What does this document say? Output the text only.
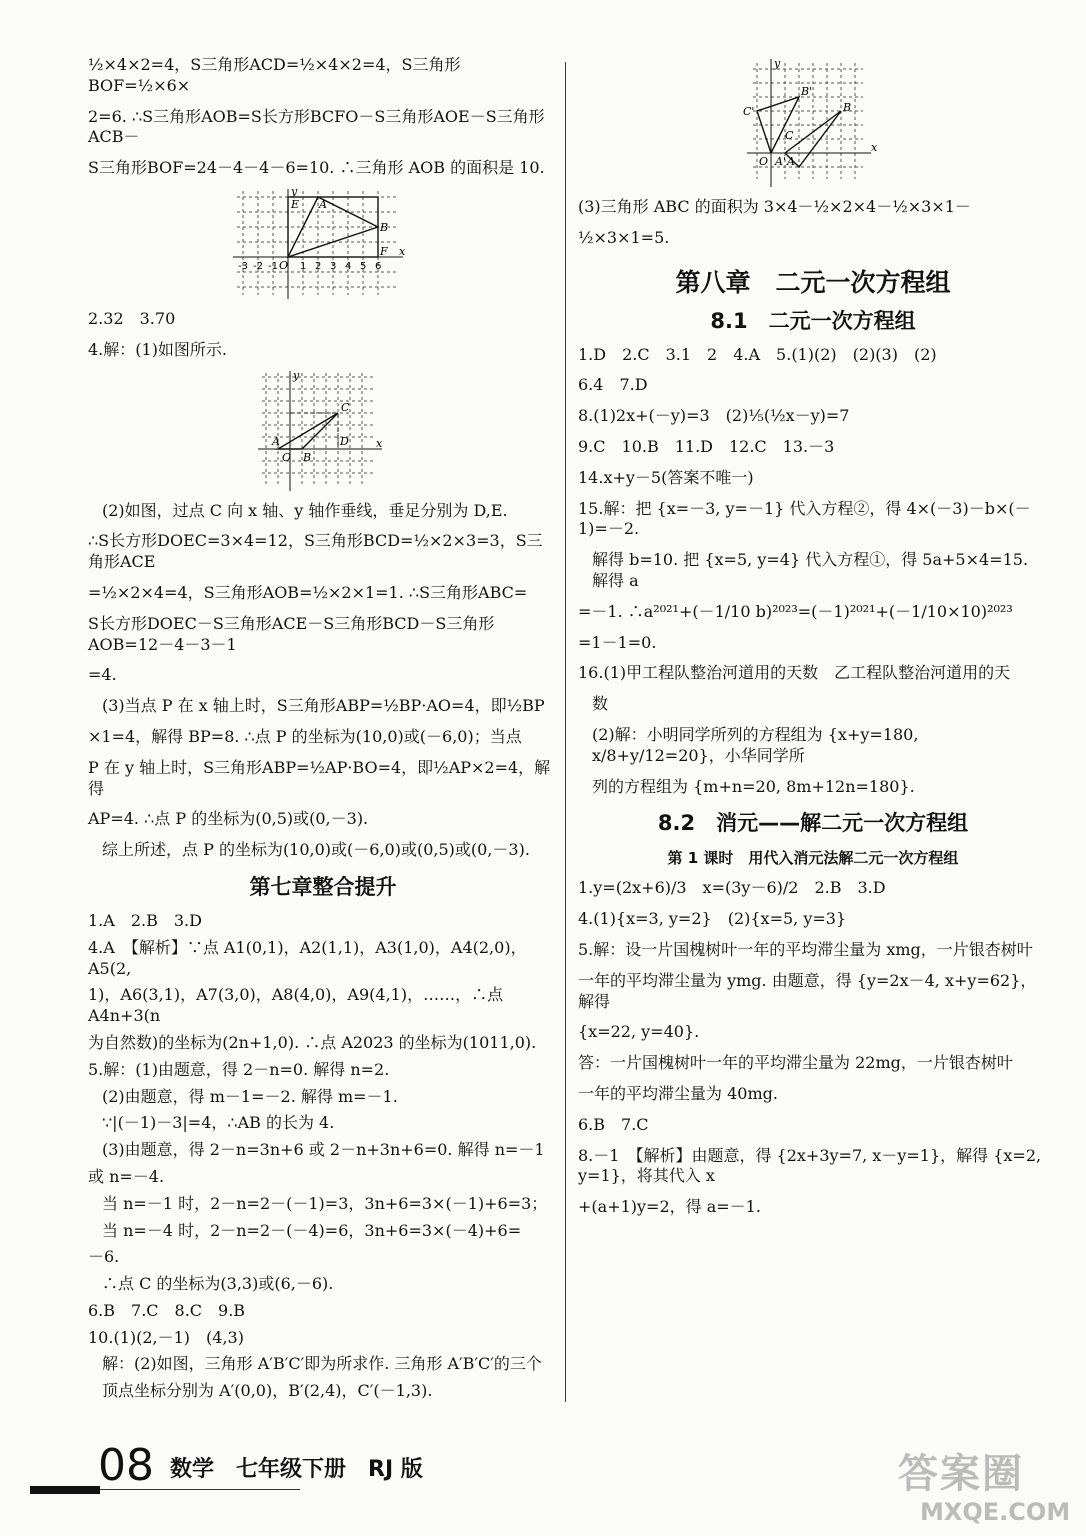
½×4×2=4，S三角形ACD=½×4×2=4，S三角形BOF=½×6×

2=6. ∴S三角形AOB=S长方形BCFO－S三角形AOE－S三角形ACB－

S三角形BOF=24－4－4－6=10. ∴三角形 AOB 的面积是 10.

y
E A
B
F
O
x
-3 -2 -1 1 2 3 4 5 6

2.32　3.70

4.解：(1)如图所示.

y
C
D
A
O B
x

(2)如图，过点 C 向 x 轴、y 轴作垂线，垂足分别为 D,E.

∴S长方形DOEC=3×4=12，S三角形BCD=½×2×3=3，S三角形ACE

=½×2×4=4，S三角形AOB=½×2×1=1. ∴S三角形ABC=

S长方形DOEC－S三角形ACE－S三角形BCD－S三角形AOB=12－4－3－1

=4.

(3)当点 P 在 x 轴上时，S三角形ABP=½BP·AO=4，即½BP

×1=4，解得 BP=8. ∴点 P 的坐标为(10,0)或(－6,0)；当点

P 在 y 轴上时，S三角形ABP=½AP·BO=4，即½AP×2=4，解得

AP=4. ∴点 P 的坐标为(0,5)或(0,－3).

综上所述，点 P 的坐标为(10,0)或(－6,0)或(0,5)或(0,－3).

第七章整合提升

1.A　2.B　3.D

4.A　【解析】∵点 A1(0,1)，A2(1,1)，A3(1,0)，A4(2,0)，A5(2,

1)，A6(3,1)，A7(3,0)，A8(4,0)，A9(4,1)，……，∴点 A4n+3(n

为自然数)的坐标为(2n+1,0). ∴点 A2023 的坐标为(1011,0).

5.解：(1)由题意，得 2－n=0. 解得 n=2.

(2)由题意，得 m－1=－2. 解得 m=－1.

∵|(－1)－3|=4，∴AB 的长为 4.

(3)由题意，得 2－n=3n+6 或 2－n+3n+6=0. 解得 n=－1

或 n=－4.

当 n=－1 时，2－n=2－(－1)=3，3n+6=3×(－1)+6=3；

当 n=－4 时，2－n=2－(－4)=6，3n+6=3×(－4)+6=

－6.

∴点 C 的坐标为(3,3)或(6,－6).

6.B　7.C　8.C　9.B

10.(1)(2,－1)　(4,3)

解：(2)如图，三角形 A′B′C′即为所求作. 三角形 A′B′C′的三个

顶点坐标分别为 A′(0,0)，B′(2,4)，C′(－1,3).

y
C'
B'
B
C
O A' A
x

(3)三角形 ABC 的面积为 3×4－½×2×4－½×3×1－

½×3×1=5.

第八章　二元一次方程组
8.1　二元一次方程组

1.D　2.C　3.1　2　4.A　5.(1)(2)　(2)(3)　(2)

6.4　7.D

8.(1)2x+(－y)=3　(2)⅕(½x－y)=7

9.C　10.B　11.D　12.C　13.－3

14.x+y－5(答案不唯一)

15.解：把 {x=－3, y=－1} 代入方程②，得 4×(－3)－b×(－1)=－2.

解得 b=10. 把 {x=5, y=4} 代入方程①，得 5a+5×4=15. 解得 a

=－1. ∴a²⁰²¹+(－1/10 b)²⁰²³=(－1)²⁰²¹+(－1/10×10)²⁰²³

=1－1=0.

16.(1)甲工程队整治河道用的天数　乙工程队整治河道用的天

数

(2)解：小明同学所列的方程组为 {x+y=180, x/8+y/12=20}，小华同学所

列的方程组为 {m+n=20, 8m+12n=180}.

8.2　消元——解二元一次方程组
第 1 课时　用代入消元法解二元一次方程组

1.y=(2x+6)/3　x=(3y－6)/2　2.B　3.D

4.(1){x=3, y=2}　(2){x=5, y=3}

5.解：设一片国槐树叶一年的平均滞尘量为 xmg，一片银杏树叶

一年的平均滞尘量为 ymg. 由题意，得 {y=2x－4, x+y=62}，解得

{x=22, y=40}.

答：一片国槐树叶一年的平均滞尘量为 22mg，一片银杏树叶

一年的平均滞尘量为 40mg.

6.B　7.C

8.－1　【解析】由题意，得 {2x+3y=7, x－y=1}，解得 {x=2, y=1}，将其代入 x

+(a+1)y=2，得 a=－1.

08 数学　七年级下册　RJ 版	答案圈
MXQE.COM
